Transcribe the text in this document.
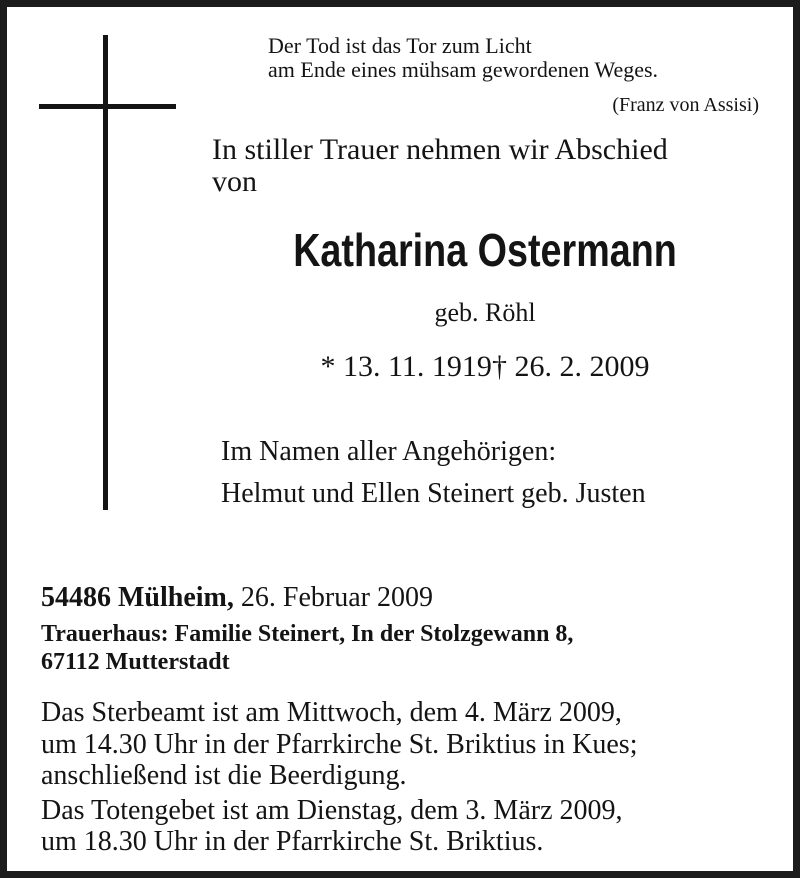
Der Tod ist das Tor zum Licht
am Ende eines mühsam gewordenen Weges.
(Franz von Assisi)
In stiller Trauer nehmen wir Abschied
von
Katharina Ostermann
geb. Röhl
* 13. 11. 1919† 26. 2. 2009
Im Namen aller Angehörigen:
Helmut und Ellen Steinert geb. Justen
54486 Mülheim, 26. Februar 2009
Trauerhaus: Familie Steinert, In der Stolzgewann 8,
67112 Mutterstadt
Das Sterbeamt ist am Mittwoch, dem 4. März 2009,
um 14.30 Uhr in der Pfarrkirche St. Briktius in Kues;
anschließend ist die Beerdigung.
Das Totengebet ist am Dienstag, dem 3. März 2009,
um 18.30 Uhr in der Pfarrkirche St. Briktius.
